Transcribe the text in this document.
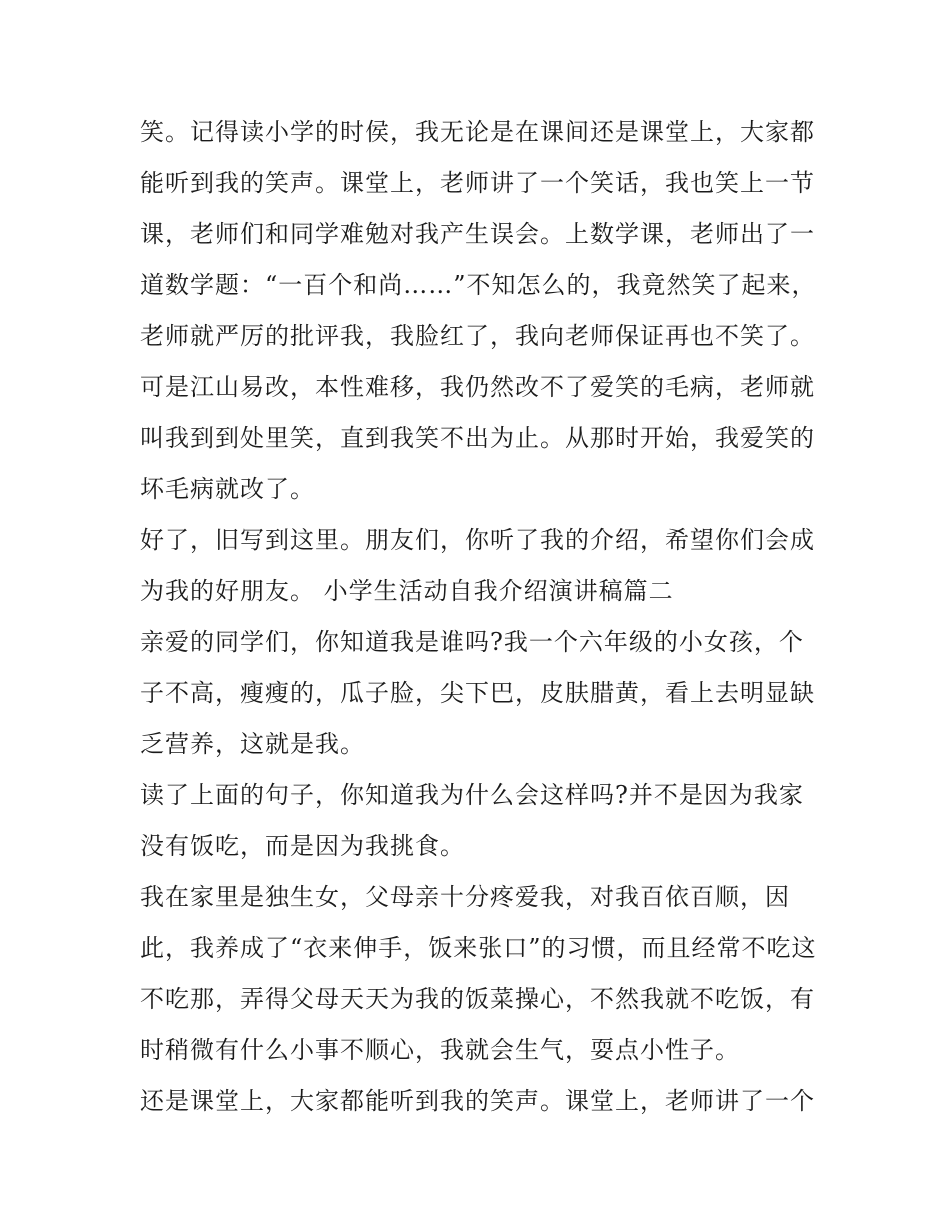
笑。记得读小学的时侯，我无论是在课间还是课堂上，大家都
能听到我的笑声。课堂上，老师讲了一个笑话，我也笑上一节
课，老师们和同学难勉对我产生误会。上数学课，老师出了一
道数学题：“一百个和尚……”不知怎么的，我竟然笑了起来，
老师就严厉的批评我，我脸红了，我向老师保证再也不笑了。
可是江山易改，本性难移，我仍然改不了爱笑的毛病，老师就
叫我到到处里笑，直到我笑不出为止。从那时开始，我爱笑的
坏毛病就改了。
好了，旧写到这里。朋友们，你听了我的介绍，希望你们会成
为我的好朋友。 小学生活动自我介绍演讲稿篇二
亲爱的同学们，你知道我是谁吗?我一个六年级的小女孩，个
子不高，瘦瘦的，瓜子脸，尖下巴，皮肤腊黄，看上去明显缺
乏营养，这就是我。
读了上面的句子，你知道我为什么会这样吗?并不是因为我家
没有饭吃，而是因为我挑食。
我在家里是独生女，父母亲十分疼爱我，对我百依百顺，因
此，我养成了“衣来伸手，饭来张口”的习惯，而且经常不吃这
不吃那，弄得父母天天为我的饭菜操心，不然我就不吃饭，有
时稍微有什么小事不顺心，我就会生气，耍点小性子。
还是课堂上，大家都能听到我的笑声。课堂上，老师讲了一个
